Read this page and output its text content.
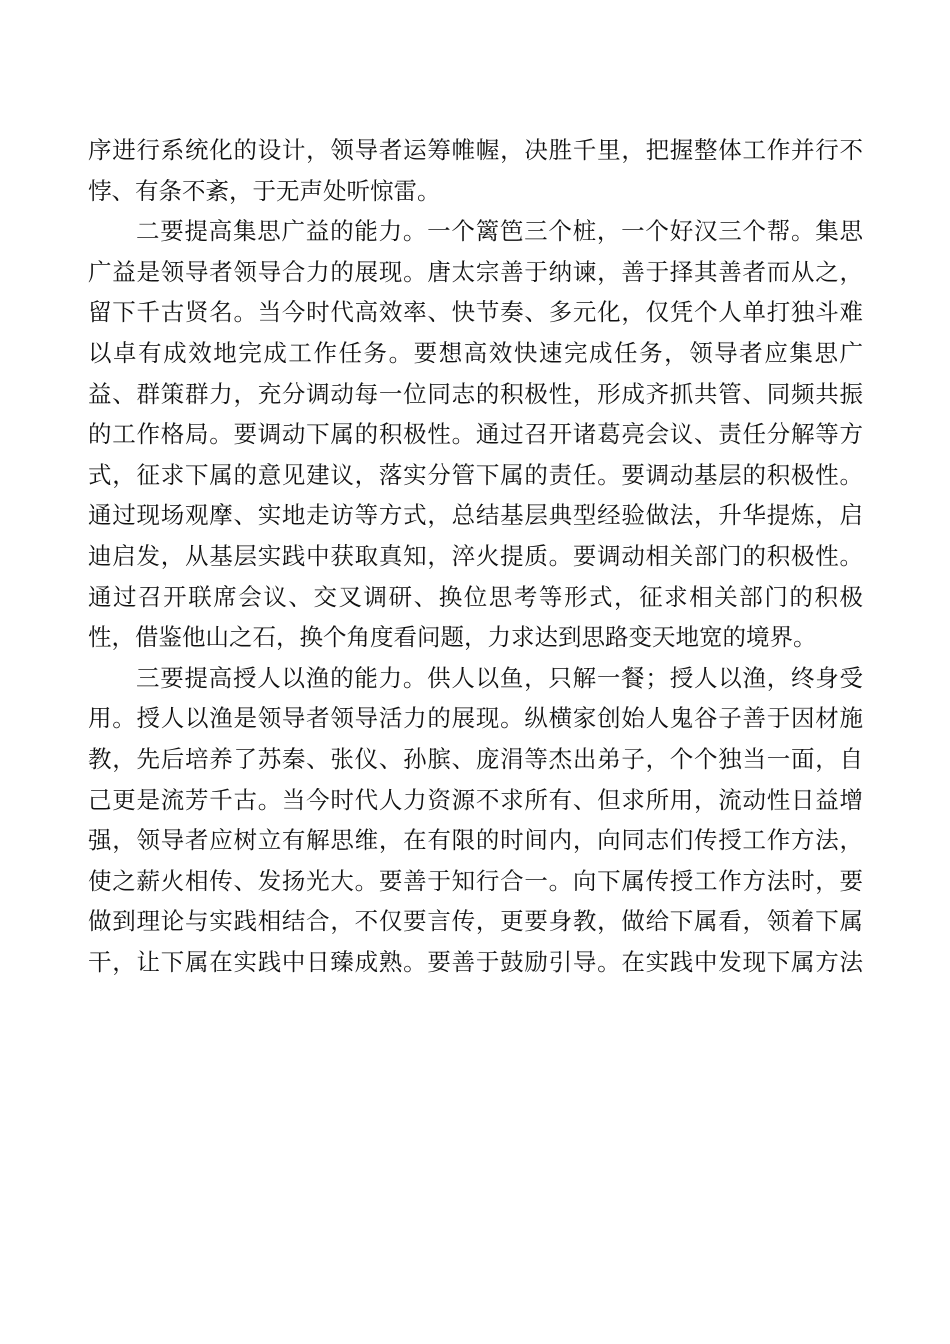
序进行系统化的设计，领导者运筹帷幄，决胜千里，把握整体工作并行不
悖、有条不紊，于无声处听惊雷。
二要提高集思广益的能力。一个篱笆三个桩，一个好汉三个帮。集思
广益是领导者领导合力的展现。唐太宗善于纳谏，善于择其善者而从之，
留下千古贤名。当今时代高效率、快节奏、多元化，仅凭个人单打独斗难
以卓有成效地完成工作任务。要想高效快速完成任务，领导者应集思广
益、群策群力，充分调动每一位同志的积极性，形成齐抓共管、同频共振
的工作格局。要调动下属的积极性。通过召开诸葛亮会议、责任分解等方
式，征求下属的意见建议，落实分管下属的责任。要调动基层的积极性。
通过现场观摩、实地走访等方式，总结基层典型经验做法，升华提炼，启
迪启发，从基层实践中获取真知，淬火提质。要调动相关部门的积极性。
通过召开联席会议、交叉调研、换位思考等形式，征求相关部门的积极
性，借鉴他山之石，换个角度看问题，力求达到思路变天地宽的境界。
三要提高授人以渔的能力。供人以鱼，只解一餐；授人以渔，终身受
用。授人以渔是领导者领导活力的展现。纵横家创始人鬼谷子善于因材施
教，先后培养了苏秦、张仪、孙膑、庞涓等杰出弟子，个个独当一面，自
己更是流芳千古。当今时代人力资源不求所有、但求所用，流动性日益增
强，领导者应树立有解思维，在有限的时间内，向同志们传授工作方法，
使之薪火相传、发扬光大。要善于知行合一。向下属传授工作方法时，要
做到理论与实践相结合，不仅要言传，更要身教，做给下属看，领着下属
干，让下属在实践中日臻成熟。要善于鼓励引导。在实践中发现下属方法
